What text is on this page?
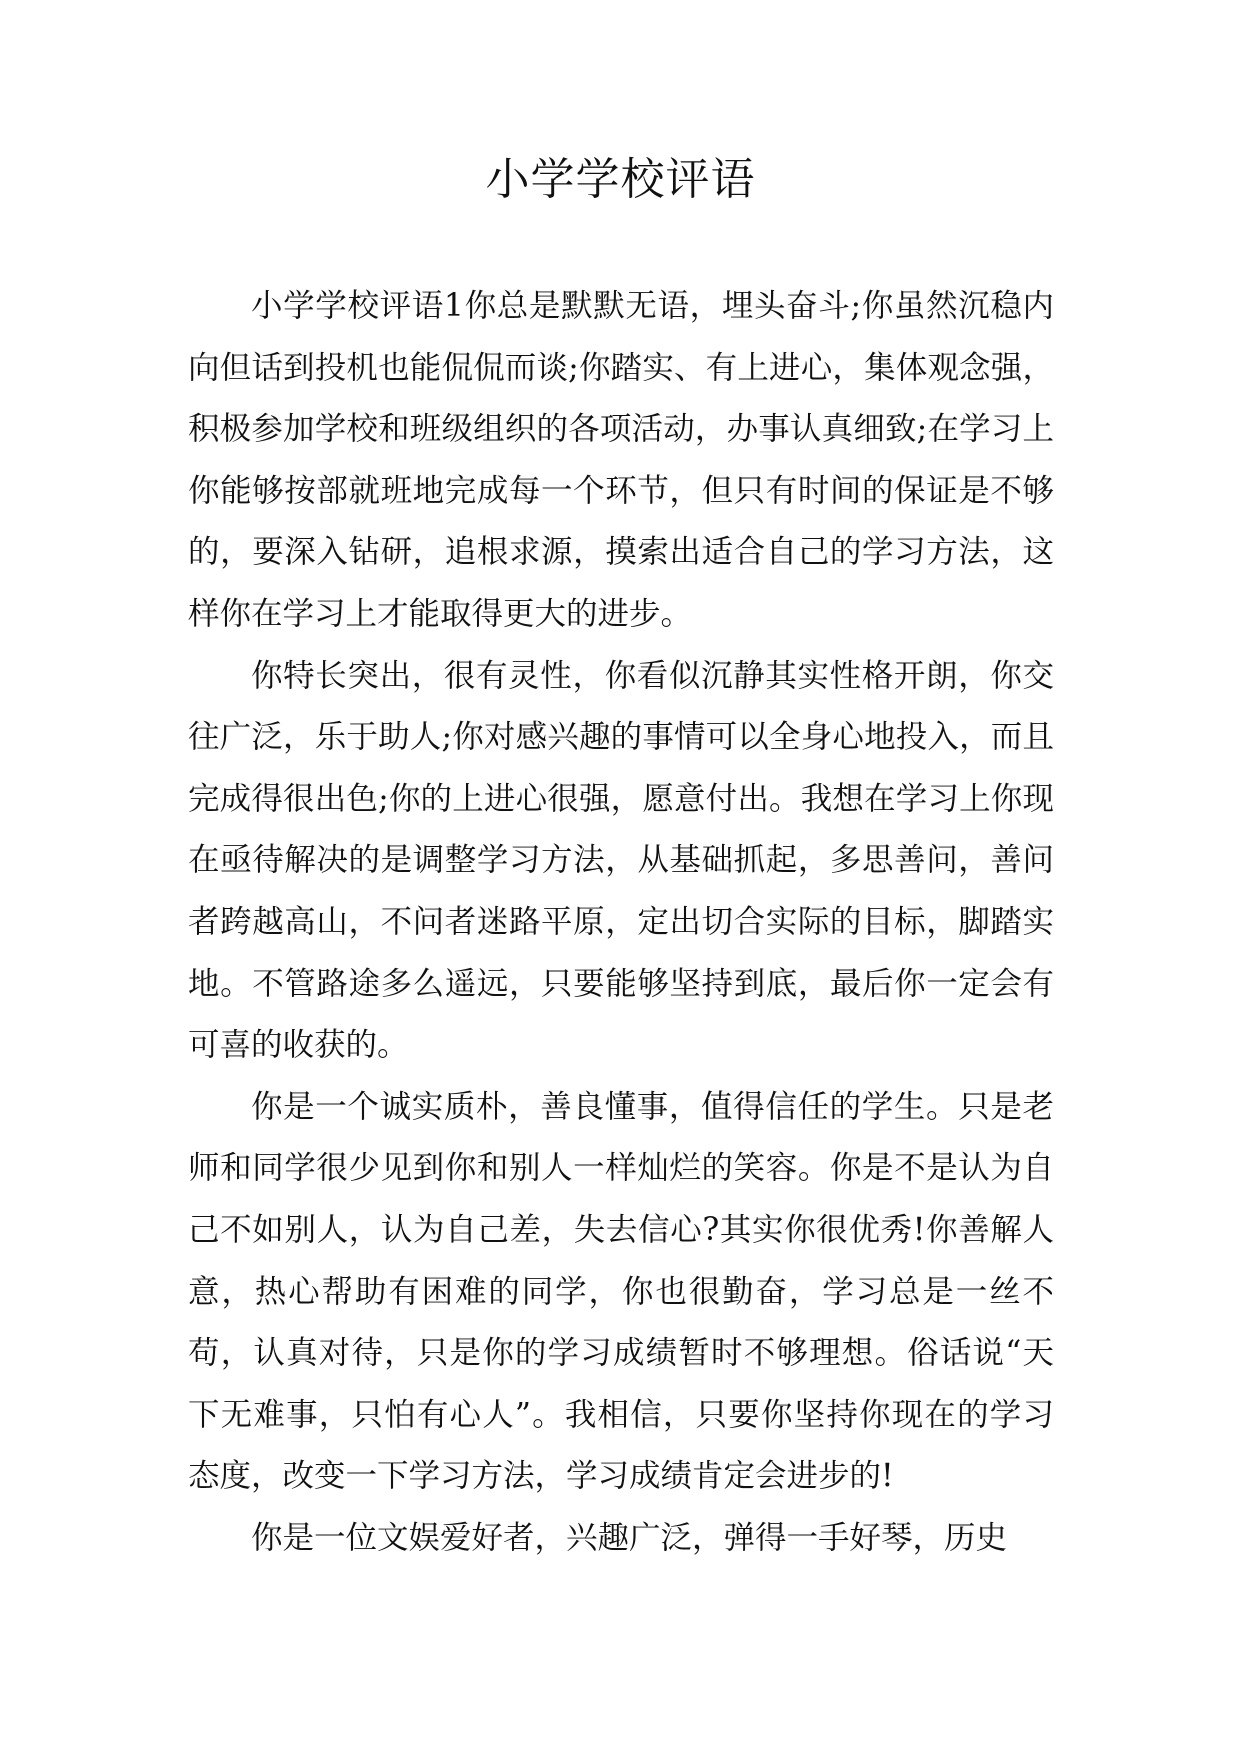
小学学校评语

小学学校评语1你总是默默无语，埋头奋斗;你虽然沉稳内向但话到投机也能侃侃而谈;你踏实、有上进心，集体观念强，积极参加学校和班级组织的各项活动，办事认真细致;在学习上你能够按部就班地完成每一个环节，但只有时间的保证是不够的，要深入钻研，追根求源，摸索出适合自己的学习方法，这样你在学习上才能取得更大的进步。

你特长突出，很有灵性，你看似沉静其实性格开朗，你交往广泛，乐于助人;你对感兴趣的事情可以全身心地投入，而且完成得很出色;你的上进心很强，愿意付出。我想在学习上你现在亟待解决的是调整学习方法，从基础抓起，多思善问，善问者跨越高山，不问者迷路平原，定出切合实际的目标，脚踏实地。不管路途多么遥远，只要能够坚持到底，最后你一定会有可喜的收获的。

你是一个诚实质朴，善良懂事，值得信任的学生。只是老师和同学很少见到你和别人一样灿烂的笑容。你是不是认为自己不如别人，认为自己差，失去信心?其实你很优秀!你善解人意，热心帮助有困难的同学，你也很勤奋，学习总是一丝不苟，认真对待，只是你的学习成绩暂时不够理想。俗话说“天下无难事，只怕有心人”。我相信，只要你坚持你现在的学习态度，改变一下学习方法，学习成绩肯定会进步的!

你是一位文娱爱好者，兴趣广泛，弹得一手好琴，历史
